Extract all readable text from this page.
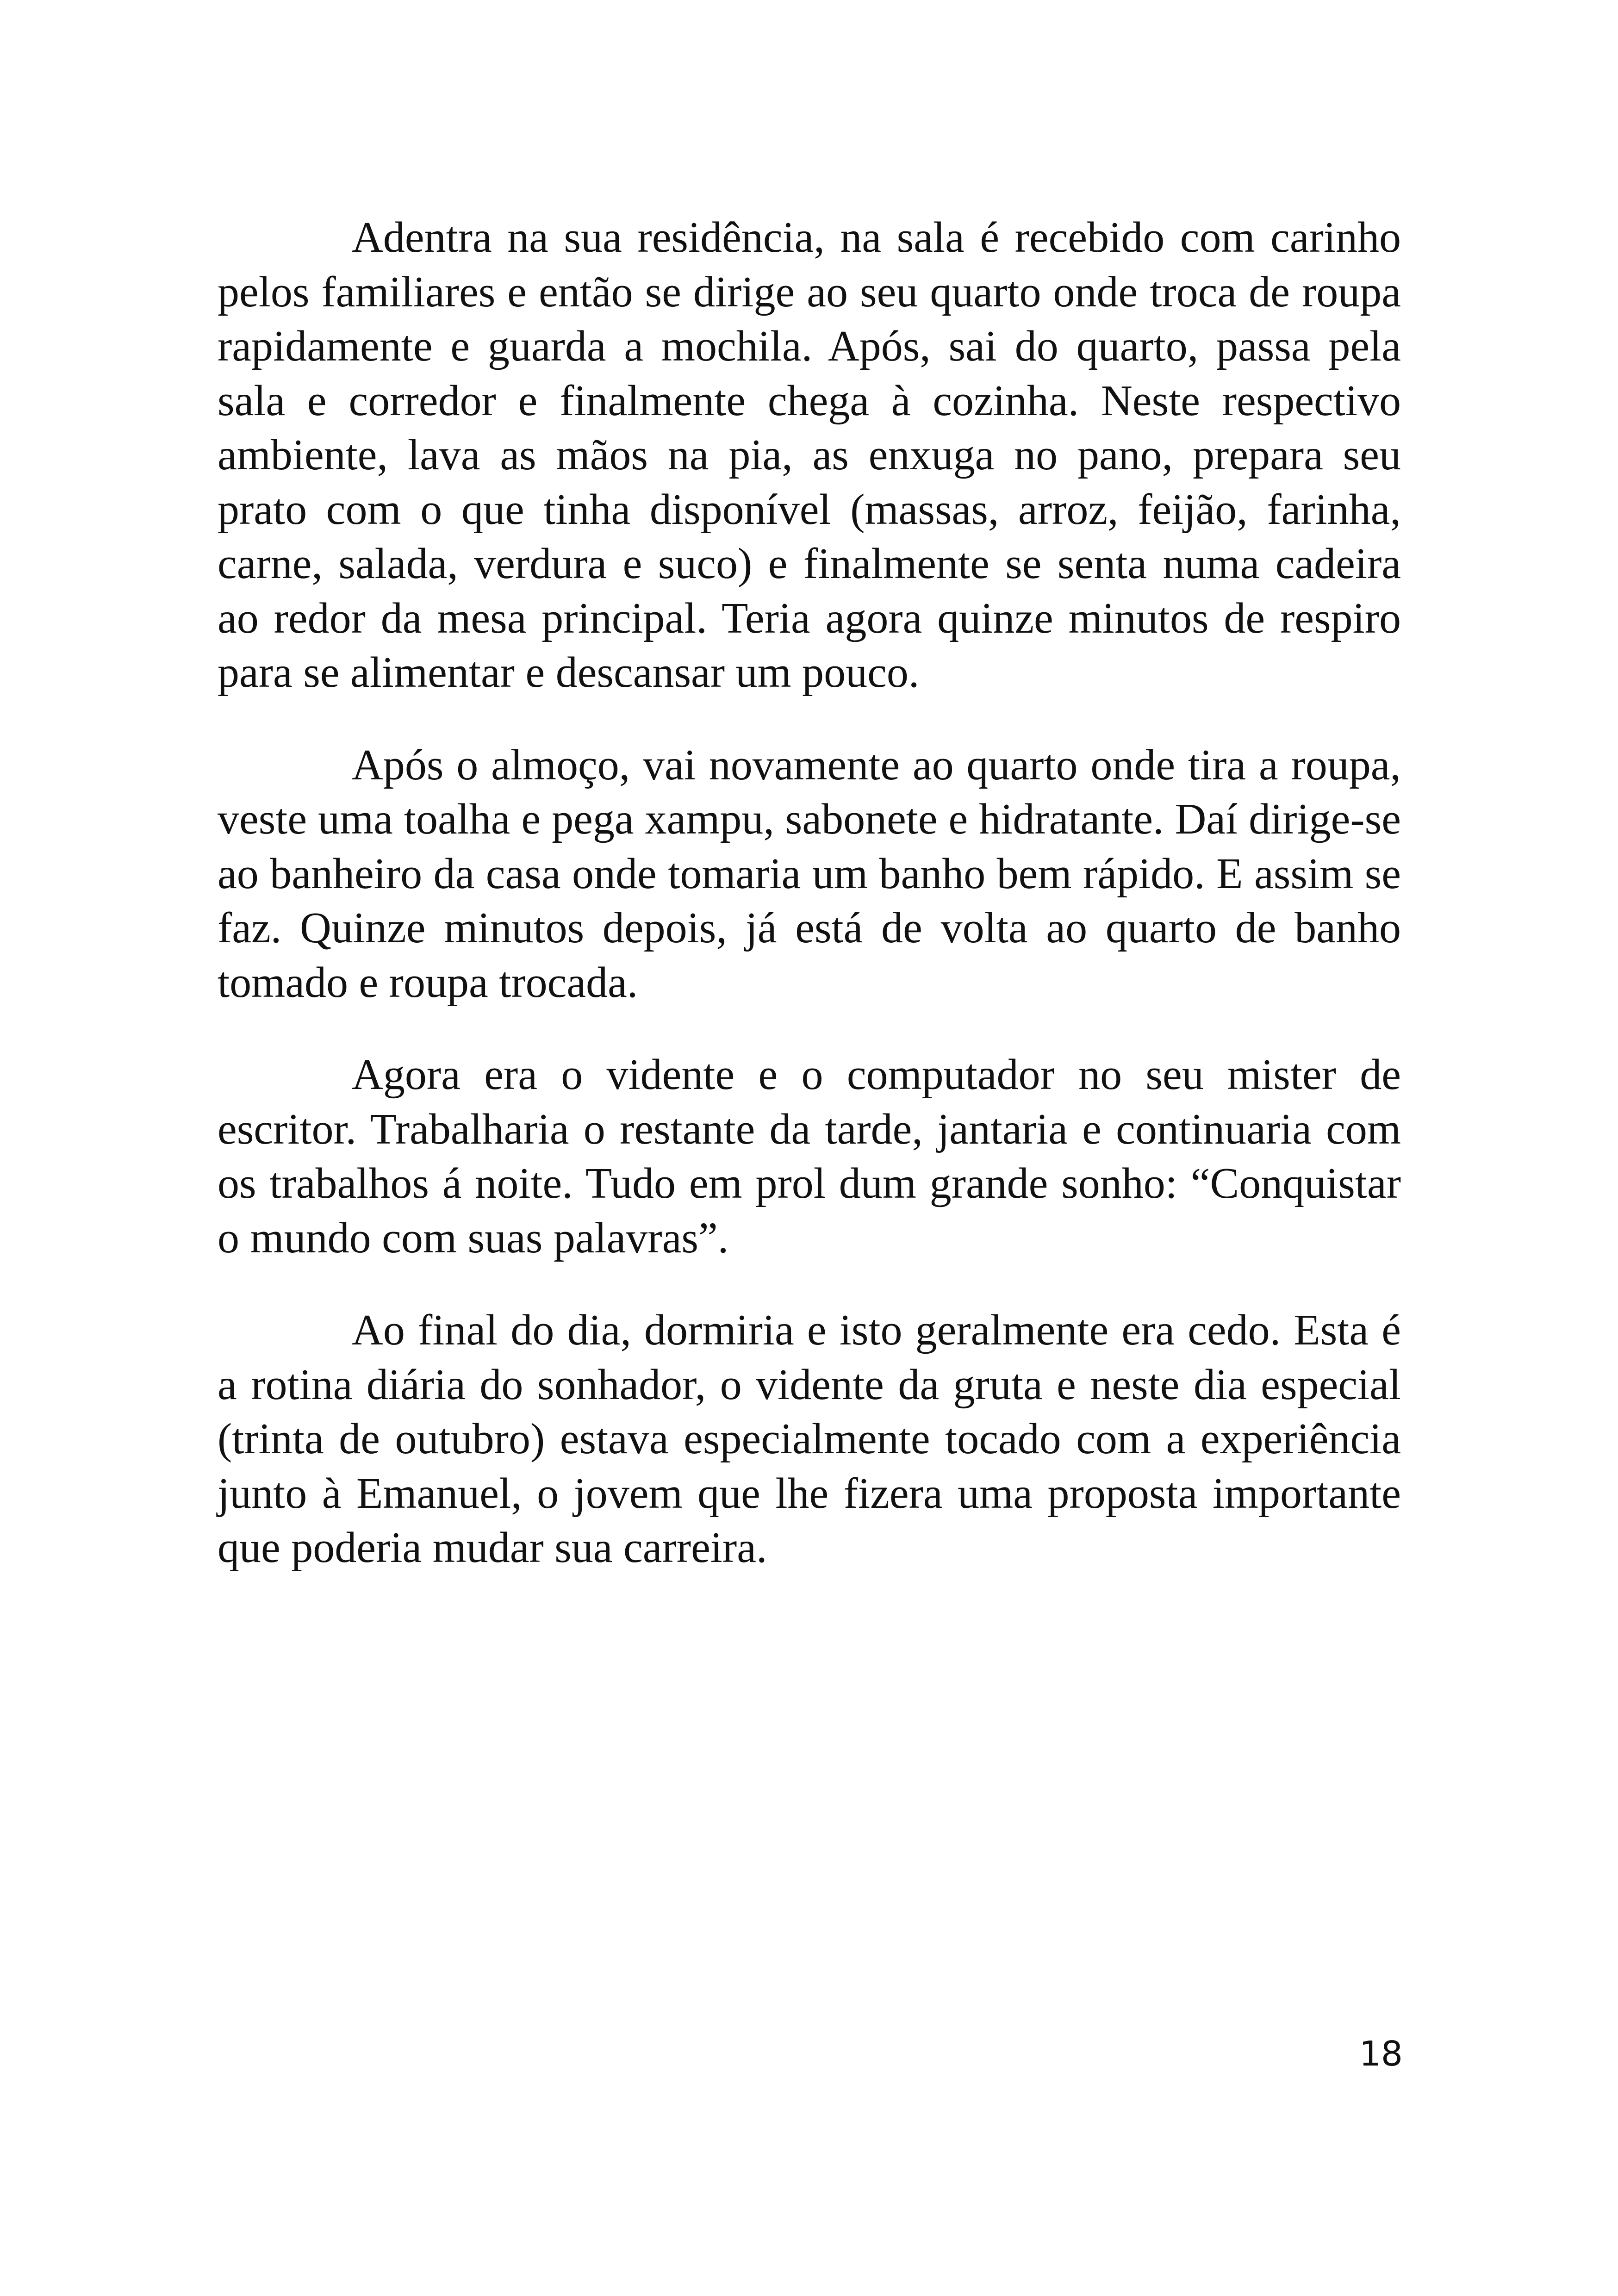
Adentra na sua residência, na sala é recebido com carinho pelos familiares e então se dirige ao seu quarto onde troca de roupa rapidamente e guarda a mochila. Após, sai do quarto, passa pela sala e corredor e finalmente chega à cozinha. Neste respectivo ambiente, lava as mãos na pia, as enxuga no pano, prepara seu prato com o que tinha disponível (massas, arroz, feijão, farinha, carne, salada, verdura e suco) e finalmente se senta numa cadeira ao redor da mesa principal. Teria agora quinze minutos de respiro para se alimentar e descansar um pouco.

Após o almoço, vai novamente ao quarto onde tira a roupa, veste uma toalha e pega xampu, sabonete e hidratante. Daí dirige-se ao banheiro da casa onde tomaria um banho bem rápido. E assim se faz. Quinze minutos depois, já está de volta ao quarto de banho tomado e roupa trocada.

Agora era o vidente e o computador no seu mister de escritor. Trabalharia o restante da tarde, jantaria e continuaria com os trabalhos á noite. Tudo em prol dum grande sonho: “Conquistar o mundo com suas palavras”.

Ao final do dia, dormiria e isto geralmente era cedo. Esta é a rotina diária do sonhador, o vidente da gruta e neste dia especial (trinta de outubro) estava especialmente tocado com a experiência junto à Emanuel, o jovem que lhe fizera uma proposta importante que poderia mudar sua carreira.

18
